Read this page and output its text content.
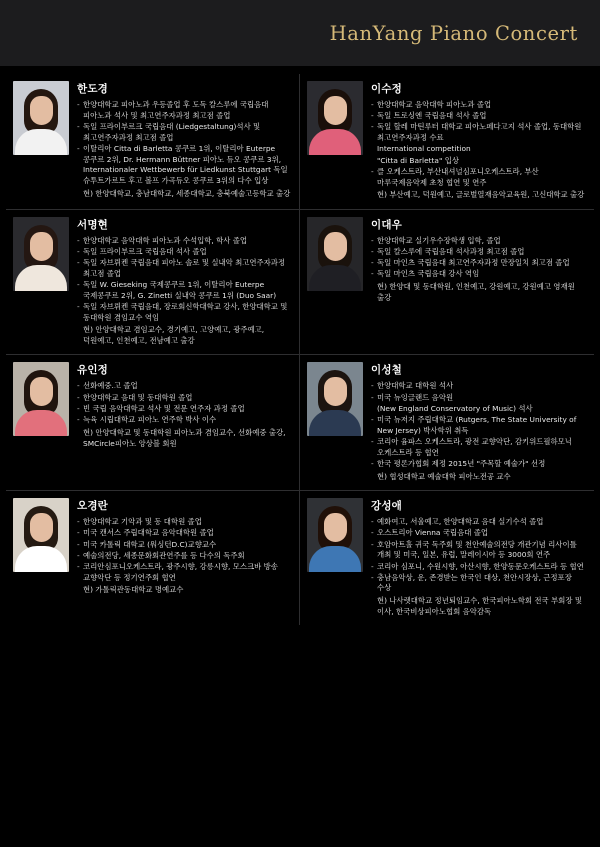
HanYang Piano Concert
한도경
- 한양대학교 피아노과 우등졸업 후 도독 칼스루에 국립음대 피아노과 석사 및 최고연주자과정 최고점 졸업
- 독일 프라이부르크 국립음대 (Liedgestaltung)석사 및 최고연주자과정 최고점 졸업
- 이탈리아 Citta di Barletta 콩쿠르 1위, 이탈리아 Euterpe 콩쿠르 2위, Dr. Hermann Büttner 피아노 듀오 콩쿠르 3위, Internationaler Wettbewerb für Liedkunst Stuttgart 독일 슈투트가르트 후고 볼프 가곡듀오 콩쿠르 3위의 다수 입상
현) 한양대학교, 충남대학교, 세종대학교, 충북예술고등학교 출강
이수정
- 한양대학교 음악대학 피아노과 졸업
- 독일 트로싱엔 국립음대 석사 졸업
- 독일 할레 마틴루터 대학교 피아노페다고지 석사 졸업, 동대학원 최고연주자과정 수료
International competition
"Citta di Barletta" 입상
- 클 오케스트라, 부산내셔널심포니오케스트라, 부산 마루국제음악제 초청 협연 및 연주
현) 부산예고, 덕원예고, 글로벌열재음악교육원, 고신대학교 출강
서명현
- 한양대학교 음악대학 피아노과 수석입학, 학사 졸업
- 독일 프라이부르크 국립음대 석사 졸업
- 독일 자브뤼켄 국립음대 피아노 솔로 및 실내악 최고연주자과정 최고점 졸업
- 독일 W. Gieseking 국제콩쿠르 1위, 이탈리아 Euterpe 국제콩쿠르 2위, G. Zinetti 실내악 콩쿠르 1위 (Duo Saar)
- 독일 자브뤼켄 국립음대, 장로회신학대학교 강사, 한양대학교 및 동대학원 겸임교수 역임
현) 안양대학교 겸임교수, 경기예고, 고양예고, 광주예고, 덕원예고, 인천예고, 전남예고 출강
이대우
- 한양대학교 실기우수장학생 입학, 졸업
- 독일 칼스루에 국립음대 석사과정 최고점 졸업
- 독일 마인츠 국립음대 최고연주자과정 만장일치 최고점 졸업
- 독일 마인츠 국립음대 강사 역임
현) 한양대 및 동대학원, 인천예고, 강원예고, 강원예고 영재원 출강
유인정
- 선화예중.고 졸업
- 한양대학교 음대 및 동대학원 졸업
- 빈 국립 음악대학교 석사 및 전문 연주자 과정 졸업
- 늑육 시립대학교 피아노 연주학 박사 이수
현) 안양대학교 및 동대학원 피아노과 겸임교수, 선화예중 출강, SMCircle피아노 앙상블 회원
이성철
- 한양대학교 대학원 석사
- 미국 뉴잉글랜드 음악원
(New England Conservatory of Music) 석사
- 미국 뉴저지 주립대학교 (Rutgers, The State University of New Jersey) 박사학위 취득
- 코리아 윰파스 오케스트라, 광전 교향악단, 감키위드필하모닉 오케스트라 등 협연
- 한국 평론가협회 제정 2015년 "주목할 예술가" 선정
현) 협성대학교 예술대학 피아노전공 교수
오경란
- 한양대학교 기악과 및 동 대학원 졸업
- 미국 캔서스 주립대학교 음악대학원 졸업
- 미국 카톨릭 대학교 (워싱턴D.C)교향교수
- 예술의전당, 세종문화회관연주를 등 다수의 독주회
- 코리안심포니오케스트라, 광주시향, 강릉시향, 모스크바 방송 교향악단 등 정기연주회 협연
현) 가톨릭관동대학교 명예교수
강성애
- 예화여고, 서울예고, 한양대학교 음대 실기수석 졸업
- 오스트리아 Vienna 국립음대 졸업
- 호암아트홀 귀국 독주회 및 천안예술의전당 개관기념 리사이틀 개최 및 미국, 일본, 유럽, 말레이시아 등 3000회 연주
- 코리아 심포니, 수원시향, 아산시향, 한양동문오케스트라 등 협연
- 충남음악상, 운, 존경받는 한국인 대상, 천안시장상, 근정포장 수상
현) 나사렛대학교 정년퇴임교수, 한국피아노학회 전국 부회장 및 이사, 한국비상피아노협회 음악감독
